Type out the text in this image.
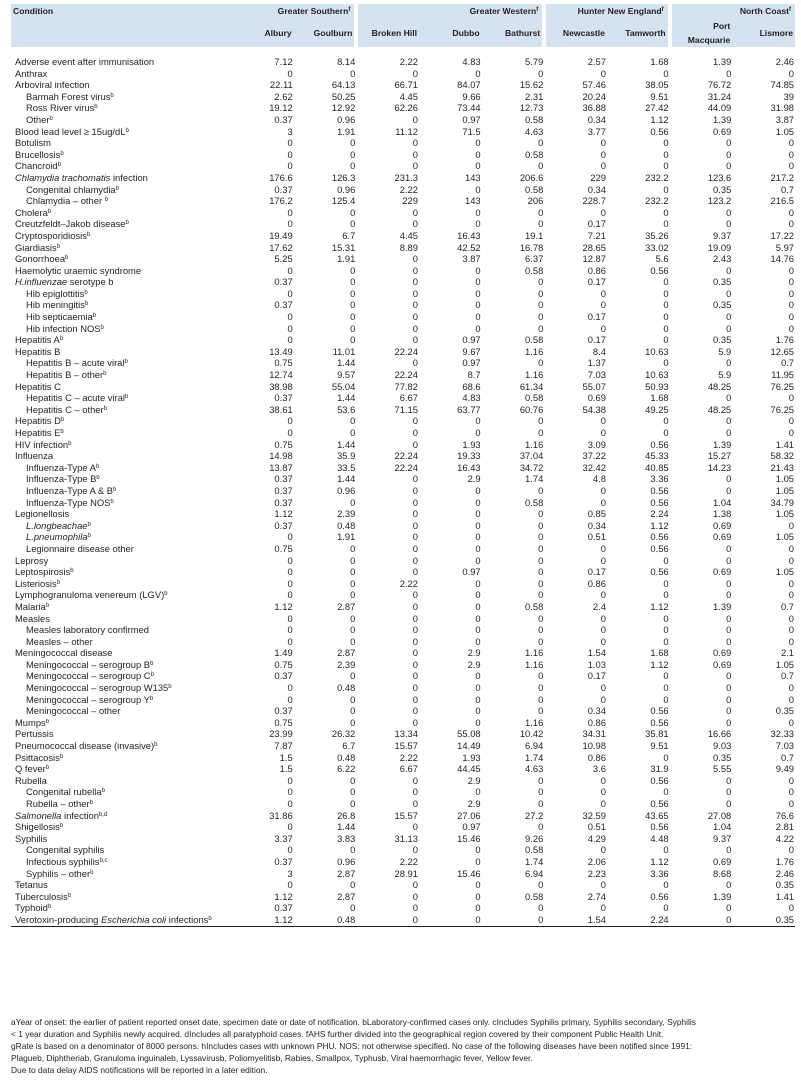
Condition	Greater Southern$^f$		Greater Western$^f$			Hunter New England$^f$		North Coast$^f$
	Albury	Goulburn	Broken Hill	Dubbo	Bathurst	Newcastle	Tamworth	Port Macquarie	Lismore

Adverse event after immunisation	7.12	8.14	2.22	4.83	5.79	2.57	1.68	1.39	2.46
Anthrax	0	0	0	0	0	0	0	0	0
Arboviral infection	22.11	64.13	66.71	84.07	15.62	57.46	38.05	76.72	74.85
Barmah Forest virus$^b$	2.62	50.25	4.45	9.66	2.31	20.24	9.51	31.24	39
Ross River virus$^b$	19.12	12.92	62.26	73.44	12.73	36.88	27.42	44.09	31.98
Other$^b$	0.37	0.96	0	0.97	0.58	0.34	1.12	1.39	3.87
Blood lead level ≥ $15ug/dL^b$	3	1.91	11.12	71.5	4.63	3.77	0.56	0.69	1.05
Botulism	0	0	0	0	0	0	0	0	0
Brucellosis$^b$	0	0	0	0	0.58	0	0	0	0
Chancroid$^b$	0	0	0	0	0	0	0	0	0
Chlamydia trachomatis infection	176.6	126.3	231.3	143	206.6	229	232.2	123.6	217.2
Congenital chlamydia$^b$	0.37	0.96	2.22	0	0.58	0.34	0	0.35	0.7
Chlamydia – other $^b$	176.2	125.4	229	143	206	228.7	232.2	123.2	216.5
Cholera$^b$	0	0	0	0	0	0	0	0	0
Creutzfeldt–Jakob disease$^b$	0	0	0	0	0	0.17	0	0	0
Cryptosporidiosis$^b$	19.49	6.7	4.45	16.43	19.1	7.21	35.26	9.37	17.22
Giardiasis$^b$	17.62	15.31	8.89	42.52	16.78	28.65	33.02	19.09	5.97
Gonorrhoea$^b$	5.25	1.91	0	3.87	6.37	12.87	5.6	2.43	14.76
Haemolytic uraemic syndrome	0	0	0	0	0.58	0.86	0.56	0	0
H.influenzae serotype b	0.37	0	0	0	0	0.17	0	0.35	0
Hib epiglottitis$^b$	0	0	0	0	0	0	0	0	0
Hib meningitis$^b$	0.37	0	0	0	0	0	0	0.35	0
Hib septicaemia$^b$	0	0	0	0	0	0.17	0	0	0
Hib infection NOS$^b$	0	0	0	0	0	0	0	0	0
Hepatitis $A^b$	0	0	0	0.97	0.58	0.17	0	0.35	1.76
Hepatitis B	13.49	11.01	22.24	9.67	1.16	8.4	10.63	5.9	12.65
Hepatitis B – acute viral$^b$	0.75	1.44	0	0.97	0	1.37	0	0	0.7
Hepatitis B – other$^b$	12.74	9.57	22.24	8.7	1.16	7.03	10.63	5.9	11.95
Hepatitis C	38.98	55.04	77.82	68.6	61.34	55.07	50.93	48.25	76.25
Hepatitis C – acute viral$^b$	0.37	1.44	6.67	4.83	0.58	0.69	1.68	0	0
Hepatitis C – other$^b$	38.61	53.6	71.15	63.77	60.76	54.38	49.25	48.25	76.25
Hepatitis $D^b$	0	0	0	0	0	0	0	0	0
Hepatitis $E^b$	0	0	0	0	0	0	0	0	0
HIV infection$^b$	0.75	1.44	0	1.93	1.16	3.09	0.56	1.39	1.41
Influenza	14.98	35.9	22.24	19.33	37.04	37.22	45.33	15.27	58.32
Influenza-Type $A^b$	13.87	33.5	22.24	16.43	34.72	32.42	40.85	14.23	21.43
Influenza-Type $B^b$	0.37	1.44	0	2.9	1.74	4.8	3.36	0	1.05
Influenza-Type A & $B^b$	0.37	0.96	0	0	0	0	0.56	0	1.05
Influenza-Type NOS$^b$	0.37	0	0	0	0.58	0	0.56	1.04	34.79
Legionellosis	1.12	2.39	0	0	0	0.85	2.24	1.38	1.05
L.longbeachae$^b$	0.37	0.48	0	0	0	0.34	1.12	0.69	0
L.pneumophila$^b$	0	1.91	0	0	0	0.51	0.56	0.69	1.05
Legionnaire disease other	0.75	0	0	0	0	0	0.56	0	0
Leprosy	0	0	0	0	0	0	0	0	0
Leptospirosis$^b$	0	0	0	0.97	0	0.17	0.56	0.69	1.05
Listeriosis$^b$	0	0	2.22	0	0	0.86	0	0	0
Lymphogranuloma venereum (LGV)$^b$	0	0	0	0	0	0	0	0	0
Malaria$^b$	1.12	2.87	0	0	0.58	2.4	1.12	1.39	0.7
Measles	0	0	0	0	0	0	0	0	0
Measles laboratory confirmed	0	0	0	0	0	0	0	0	0
Measles – other	0	0	0	0	0	0	0	0	0
Meningococcal disease	1.49	2.87	0	2.9	1.16	1.54	1.68	0.69	2.1
Meningococcal – serogroup $B^b$	0.75	2.39	0	2.9	1.16	1.03	1.12	0.69	1.05
Meningococcal – serogroup $C^b$	0.37	0	0	0	0	0.17	0	0	0.7
Meningococcal – serogroup W135$^b$	0	0.48	0	0	0	0	0	0	0
Meningococcal – serogroup $Y^b$	0	0	0	0	0	0	0	0	0
Meningococcal – other	0.37	0	0	0	0	0.34	0.56	0	0.35
Mumps$^b$	0.75	0	0	0	1.16	0.86	0.56	0	0
Pertussis	23.99	26.32	13.34	55.08	10.42	34.31	35.81	16.66	32.33
Pneumococcal disease (invasive)$^b$	7.87	6.7	15.57	14.49	6.94	10.98	9.51	9.03	7.03
Psittacosis$^b$	1.5	0.48	2.22	1.93	1.74	0.86	0	0.35	0.7
Q fever$^b$	1.5	6.22	6.67	44.45	4.63	3.6	31.9	5.55	9.49
Rubella	0	0	0	2.9	0	0	0.56	0	0
Congenital rubella$^b$	0	0	0	0	0	0	0	0	0
Rubella – other$^b$	0	0	0	2.9	0	0	0.56	0	0
Salmonella infection$^{b,d}$	31.86	26.8	15.57	27.06	27.2	32.59	43.65	27.08	76.6
Shigellosis$^b$	0	1.44	0	0.97	0	0.51	0.56	1.04	2.81
Syphilis	3.37	3.83	31.13	15.46	9.26	4.29	4.48	9.37	4.22
Congenital syphilis	0	0	0	0	0.58	0	0	0	0
Infectious syphilis$^{b,c}$	0.37	0.96	2.22	0	1.74	2.06	1.12	0.69	1.76
Syphilis – other$^b$	3	2.87	28.91	15.46	6.94	2.23	3.36	8.68	2.46
Tetanus	0	0	0	0	0	0	0	0	0.35
Tuberculosis$^b$	1.12	2.87	0	0	0.58	2.74	0.56	1.39	1.41
Typhoid$^b$	0.37	0	0	0	0	0	0	0	0
Verotoxin-producing Escherichia coli infections$^b$	1.12	0.48	0	0	0	1.54	2.24	0	0.35

aYear of onset: the earlier of patient reported onset date, specimen date or date of notification. bLaboratory-confirmed cases only. cIncludes Syphilis primary, Syphilis secondary, Syphilis

< 1 year duration and Syphilis newly acquired. dIncludes all paratyphoid cases. fAHS further divided into the geographical region covered by their component Public Health Unit.

gRate is based on a denominator of 8000 persons. hIncludes cases with unknown PHU. NOS: not otherwise specified. No case of the following diseases have been notified since 1991:

Plagueb, Diphtheriab, Granuloma inguinaleb, Lyssavirusb, Poliomyelitisb, Rabies, Smallpox, Typhusb, Viral haemorrhagic fever, Yellow fever.

Due to data delay AIDS notifications will be reported in a later edition.
